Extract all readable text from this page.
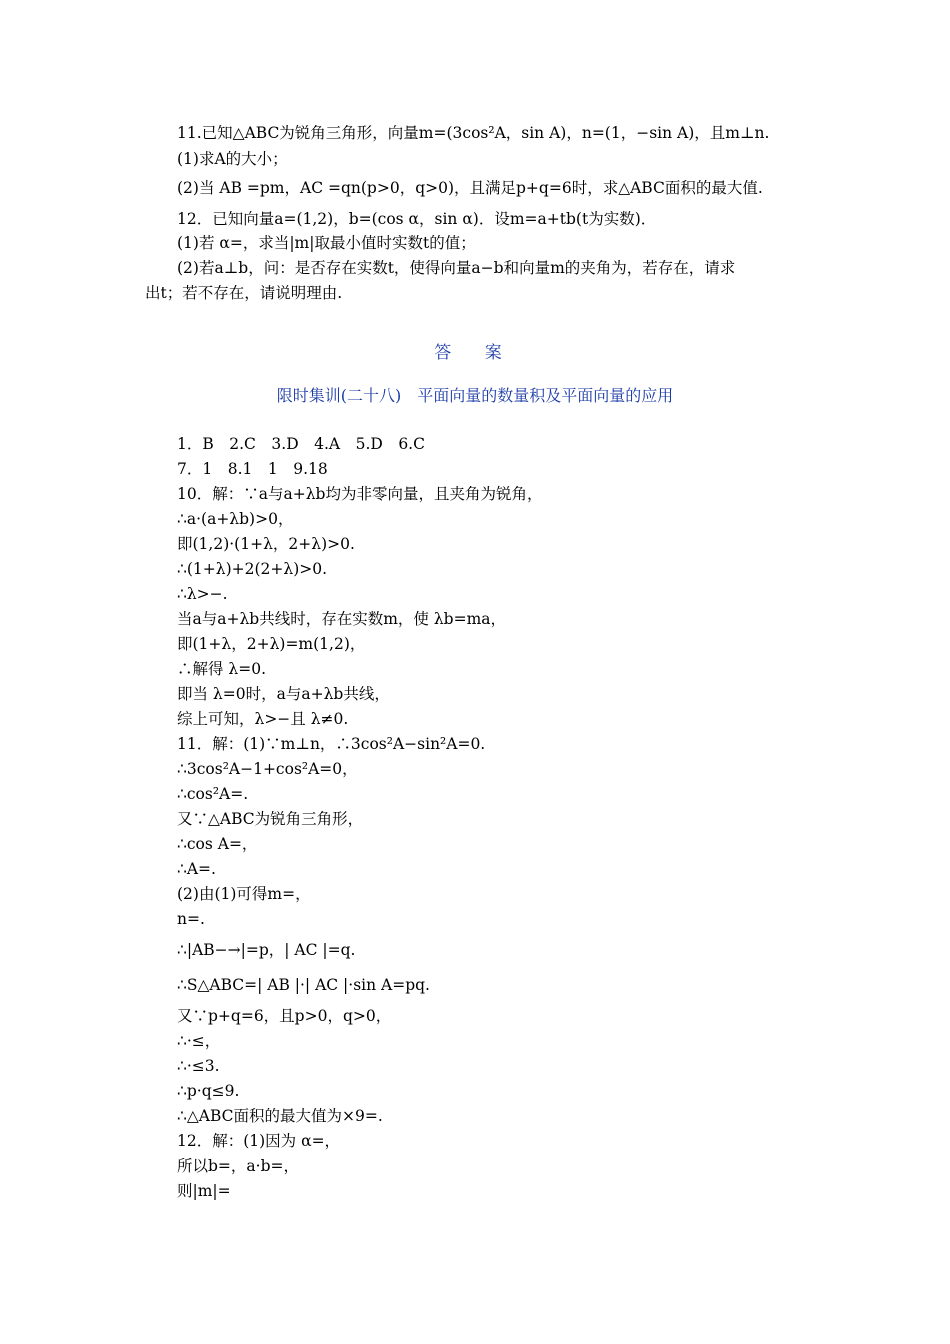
11.已知△ABC为锐角三角形，向量m=(3cos²A，sin A)，n=(1，−sin A)，且m⊥n.
(1)求A的大小；
(2)当 AB =pm，AC =qn(p>0，q>0)，且满足p+q=6时，求△ABC面积的最大值.
12．已知向量a=(1,2)，b=(cos α，sin α)．设m=a+tb(t为实数)．
(1)若 α=，求当|m|取最小值时实数t的值；
(2)若a⊥b，问：是否存在实数t，使得向量a−b和向量m的夹角为，若存在，请求
出t；若不存在，请说明理由.
答 案
限时集训(二十八)　平面向量的数量积及平面向量的应用
1．B　2.C　3.D　4.A　5.D　6.C
7．1　8.1　1　9.18
10．解：∵a与a+λb均为非零向量，且夹角为锐角，
∴a·(a+λb)>0，
即(1,2)·(1+λ，2+λ)>0.
∴(1+λ)+2(2+λ)>0.
∴λ>−.
当a与a+λb共线时，存在实数m，使 λb=ma，
即(1+λ，2+λ)=m(1,2)，
∴解得 λ=0.
即当 λ=0时，a与a+λb共线，
综上可知，λ>−且 λ≠0.
11．解：(1)∵m⊥n，∴3cos²A−sin²A=0.
∴3cos²A−1+cos²A=0，
∴cos²A=.
又∵△ABC为锐角三角形，
∴cos A=，
∴A=.
(2)由(1)可得m=，
n=.
∴|AB−→|=p，| AC |=q.
∴S△ABC=| AB |·| AC |·sin A=pq.
又∵p+q=6，且p>0，q>0，
∴·≤，
∴·≤3.
∴p·q≤9.
∴△ABC面积的最大值为×9=.
12．解：(1)因为 α=，
所以b=，a·b=，
则|m|=
